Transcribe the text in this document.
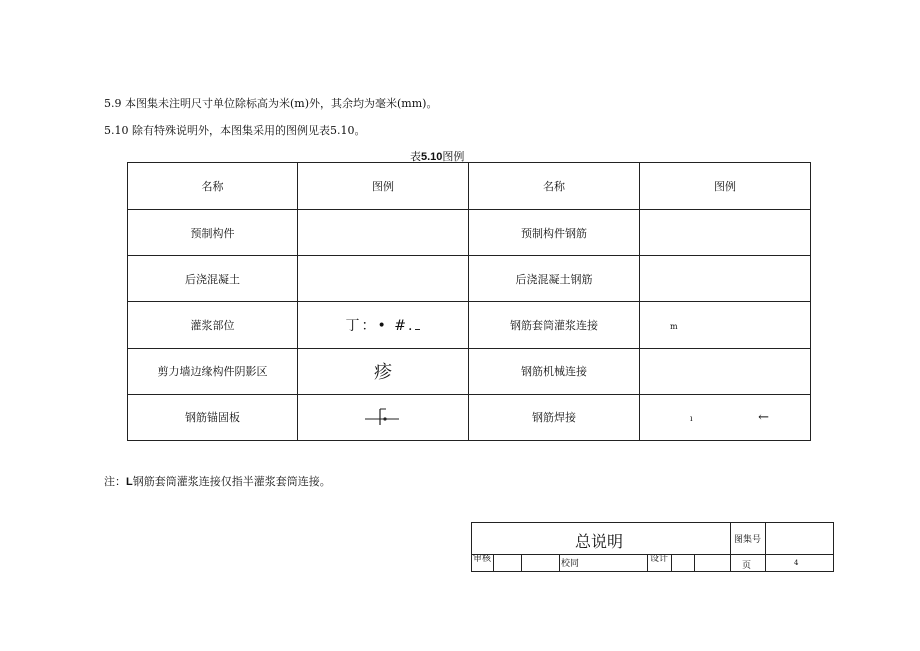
5.9 本图集未注明尺寸单位除标高为米(m)外，其余均为毫米(mm)。
5.10 除有特殊说明外，本图集采用的图例见表5.10。
表5.10图例
名称	图例	名称	图例
预制构件		预制构件钢筋	
后浇混凝土		后浇混凝土钢筋	
灌浆部位	丁：• #.	钢筋套筒灌浆连接	m
剪力墙边缘构件阴影区	疹	钢筋机械连接	
钢筋锚固板		钢筋焊接	ı ←
注：L钢筋套筒灌浆连接仅指半灌浆套筒连接。
总说明	图集号
审核	校同	设计
页	4
